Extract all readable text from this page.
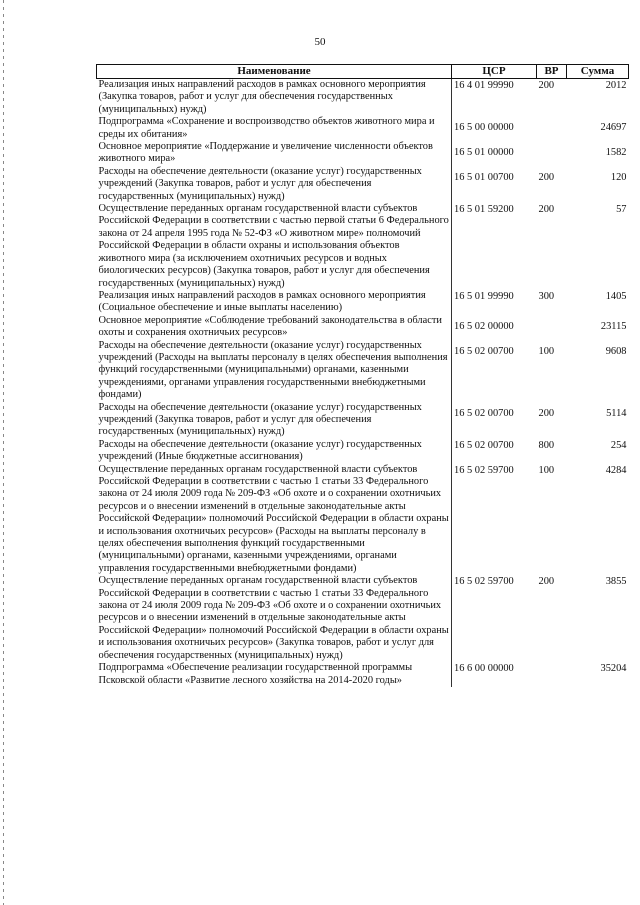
50
Наименование	ЦСР	ВР	Сумма
Реализация иных направлений расходов в рамках основного мероприятия (Закупка товаров, работ и услуг для обеспечения государственных (муниципальных) нужд)	16 4 01 99990	200	2012
Подпрограмма «Сохранение и воспроизводство объектов животного мира и среды их обитания»	16 5 00 00000		24697
Основное мероприятие «Поддержание и увеличение численности объектов животного мира»	16 5 01 00000		1582
Расходы на обеспечение деятельности (оказание услуг) государственных учреждений (Закупка товаров, работ и услуг для обеспечения государственных (муниципальных) нужд)	16 5 01 00700	200	120
Осуществление переданных органам государственной власти субъектов Российской Федерации в соответствии с частью первой статьи 6 Федерального закона от 24 апреля 1995 года № 52-ФЗ «О животном мире» полномочий Российской Федерации в области охраны и использования объектов животного мира (за исключением охотничьих ресурсов и водных биологических ресурсов) (Закупка товаров, работ и услуг для обеспечения государственных (муниципальных) нужд)	16 5 01 59200	200	57
Реализация иных направлений расходов в рамках основного мероприятия (Социальное обеспечение и иные выплаты населению)	16 5 01 99990	300	1405
Основное мероприятие «Соблюдение требований законодательства в области охоты и сохранения охотничьих ресурсов»	16 5 02 00000		23115
Расходы на обеспечение деятельности (оказание услуг) государственных учреждений (Расходы на выплаты персоналу в целях обеспечения выполнения функций государственными (муниципальными) органами, казенными учреждениями, органами управления государственными внебюджетными фондами)	16 5 02 00700	100	9608
Расходы на обеспечение деятельности (оказание услуг) государственных учреждений (Закупка товаров, работ и услуг для обеспечения государственных (муниципальных) нужд)	16 5 02 00700	200	5114
Расходы на обеспечение деятельности (оказание услуг) государственных учреждений (Иные бюджетные ассигнования)	16 5 02 00700	800	254
Осуществление переданных органам государственной власти субъектов Российской Федерации в соответствии с частью 1 статьи 33 Федерального закона от 24 июля 2009 года № 209-ФЗ «Об охоте и о сохранении охотничьих ресурсов и о внесении изменений в отдельные законодательные акты Российской Федерации» полномочий Российской Федерации в области охраны и использования охотничьих ресурсов» (Расходы на выплаты персоналу в целях обеспечения выполнения функций государственными (муниципальными) органами, казенными учреждениями, органами управления государственными внебюджетными фондами)	16 5 02 59700	100	4284
Осуществление переданных органам государственной власти субъектов Российской Федерации в соответствии с частью 1 статьи 33 Федерального закона от 24 июля 2009 года № 209-ФЗ «Об охоте и о сохранении охотничьих ресурсов и о внесении изменений в отдельные законодательные акты Российской Федерации» полномочий Российской Федерации в области охраны и использования охотничьих ресурсов» (Закупка товаров, работ и услуг для обеспечения государственных (муниципальных) нужд)	16 5 02 59700	200	3855
Подпрограмма «Обеспечение реализации государственной программы Псковской области «Развитие лесного хозяйства на 2014-2020 годы»	16 6 00 00000		35204
